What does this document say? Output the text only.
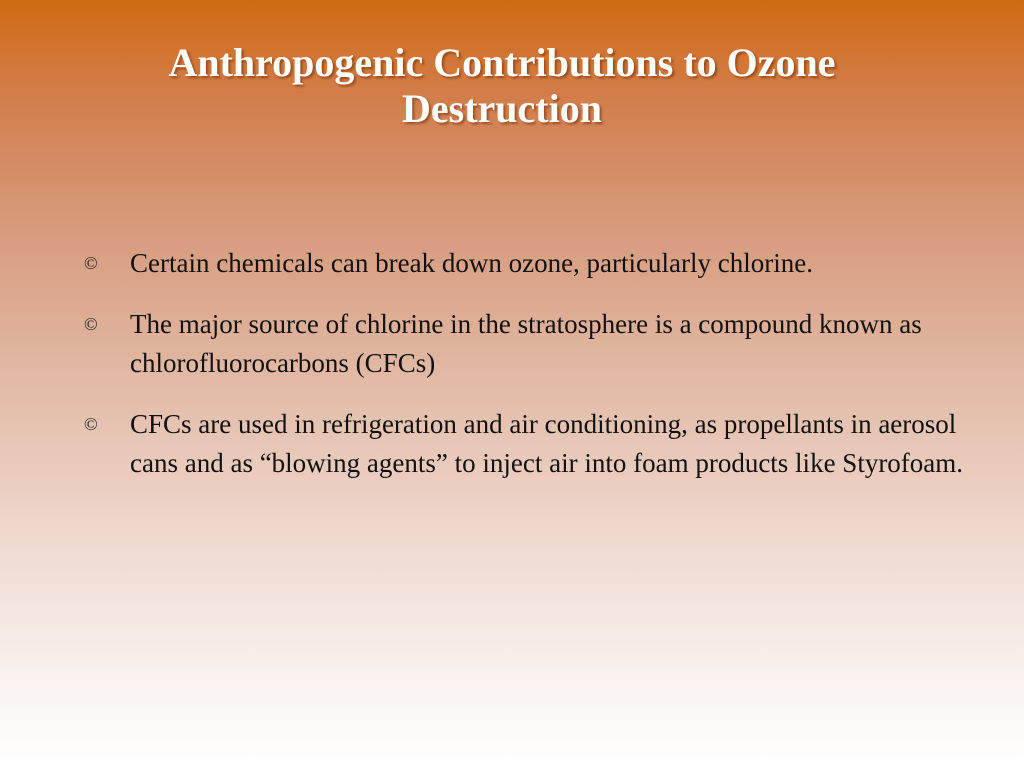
Anthropogenic Contributions to Ozone Destruction
©	Certain chemicals can break down ozone, particularly chlorine.
©	The major source of chlorine in the stratosphere is a compound known as chlorofluorocarbons (CFCs)
©	CFCs are used in refrigeration and air conditioning, as propellants in aerosol cans and as “blowing agents” to inject air into foam products like Styrofoam.
